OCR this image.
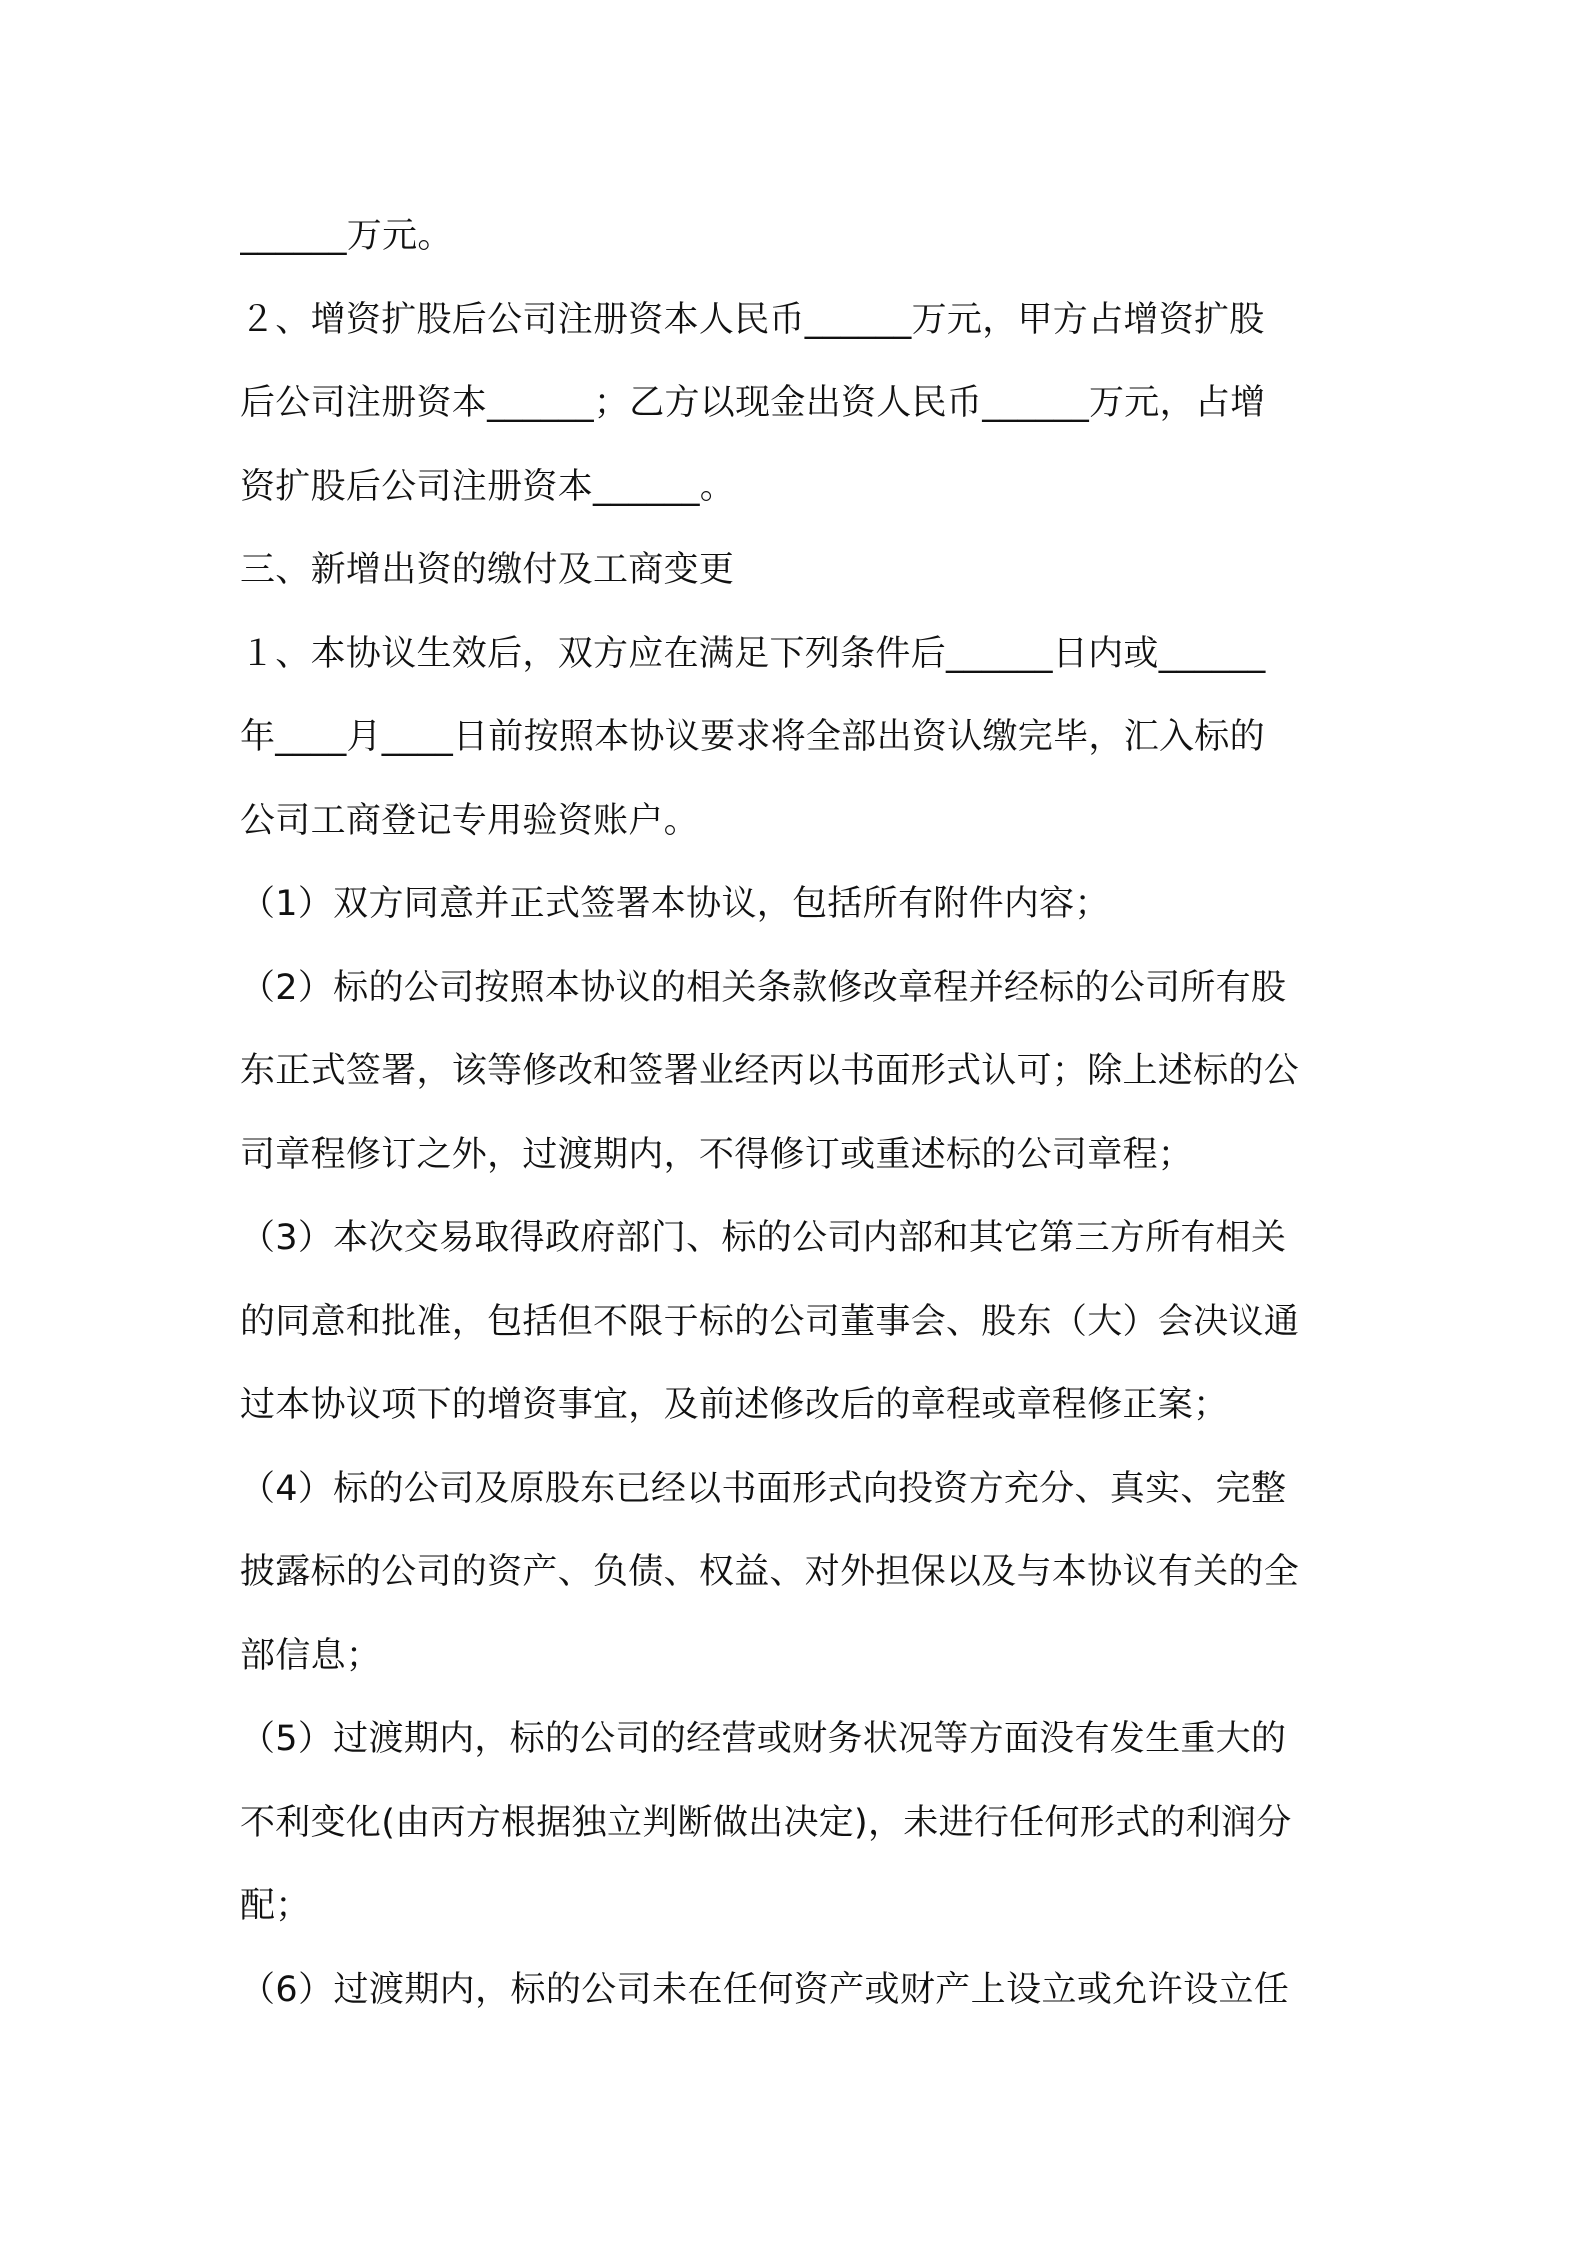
______万元。
２、增资扩股后公司注册资本人民币______万元，甲方占增资扩股
后公司注册资本______；乙方以现金出资人民币______万元，占增
资扩股后公司注册资本______。
三、新增出资的缴付及工商变更
１、本协议生效后，双方应在满足下列条件后______日内或______
年____月____日前按照本协议要求将全部出资认缴完毕，汇入标的
公司工商登记专用验资账户。
（1）双方同意并正式签署本协议，包括所有附件内容；
（2）标的公司按照本协议的相关条款修改章程并经标的公司所有股
东正式签署，该等修改和签署业经丙以书面形式认可；除上述标的公
司章程修订之外，过渡期内，不得修订或重述标的公司章程；
（3）本次交易取得政府部门、标的公司内部和其它第三方所有相关
的同意和批准，包括但不限于标的公司董事会、股东（大）会决议通
过本协议项下的增资事宜，及前述修改后的章程或章程修正案；
（4）标的公司及原股东已经以书面形式向投资方充分、真实、完整
披露标的公司的资产、负债、权益、对外担保以及与本协议有关的全
部信息；
（5）过渡期内，标的公司的经营或财务状况等方面没有发生重大的
不利变化(由丙方根据独立判断做出决定)，未进行任何形式的利润分
配；
（6）过渡期内，标的公司未在任何资产或财产上设立或允许设立任
